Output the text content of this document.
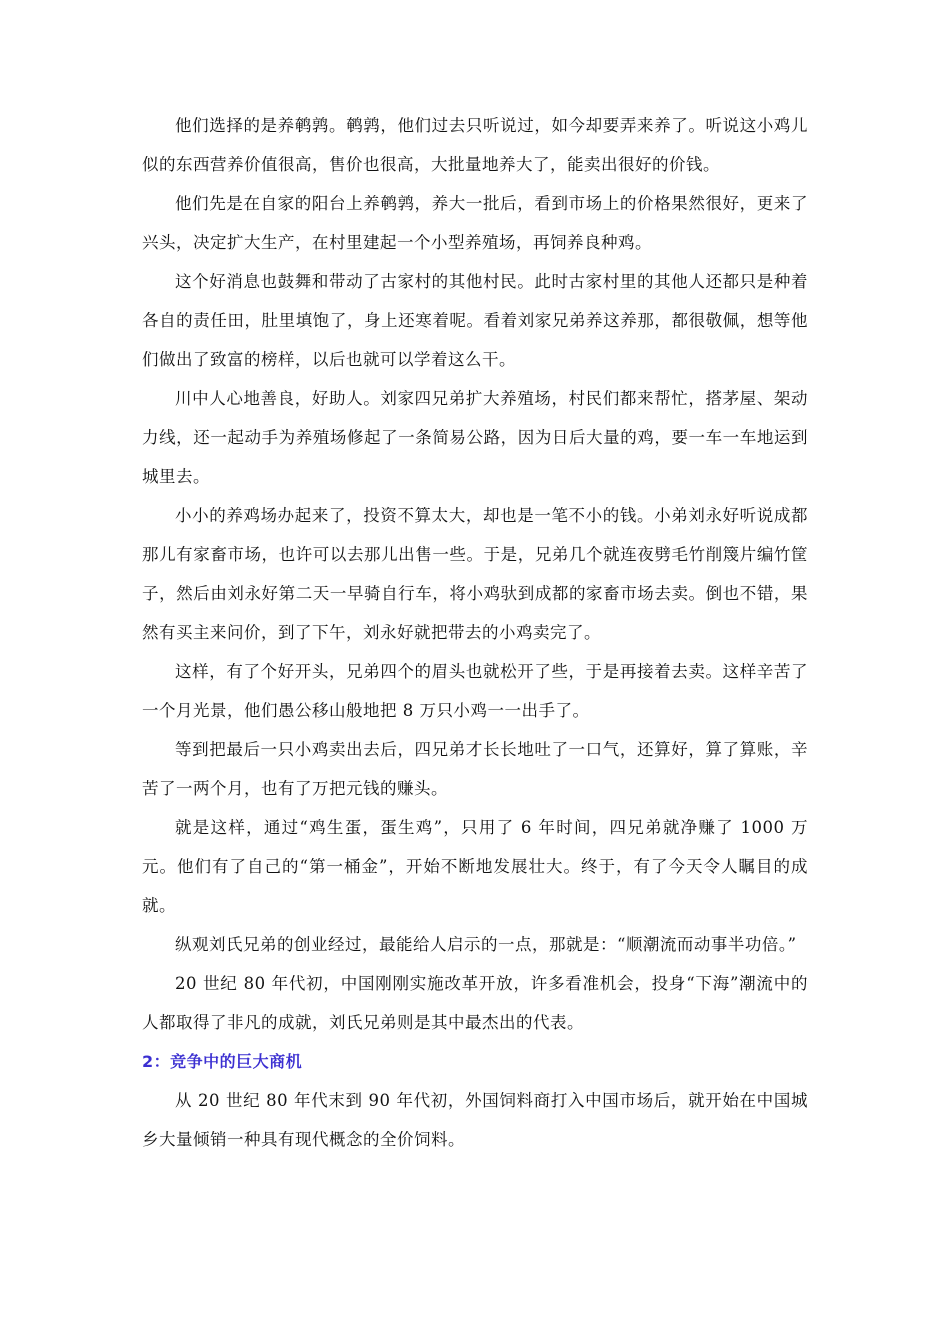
他们选择的是养鹌鹑。鹌鹑，他们过去只听说过，如今却要弄来养了。听说这小鸡儿似的东西营养价值很高，售价也很高，大批量地养大了，能卖出很好的价钱。

他们先是在自家的阳台上养鹌鹑，养大一批后，看到市场上的价格果然很好，更来了兴头，决定扩大生产，在村里建起一个小型养殖场，再饲养良种鸡。

这个好消息也鼓舞和带动了古家村的其他村民。此时古家村里的其他人还都只是种着各自的责任田，肚里填饱了，身上还寒着呢。看着刘家兄弟养这养那，都很敬佩，想等他们做出了致富的榜样，以后也就可以学着这么干。

川中人心地善良，好助人。刘家四兄弟扩大养殖场，村民们都来帮忙，搭茅屋、架动力线，还一起动手为养殖场修起了一条简易公路，因为日后大量的鸡，要一车一车地运到城里去。

小小的养鸡场办起来了，投资不算太大，却也是一笔不小的钱。小弟刘永好听说成都那儿有家畜市场，也许可以去那儿出售一些。于是，兄弟几个就连夜劈毛竹削篾片编竹筐子，然后由刘永好第二天一早骑自行车，将小鸡驮到成都的家畜市场去卖。倒也不错，果然有买主来问价，到了下午，刘永好就把带去的小鸡卖完了。

这样，有了个好开头，兄弟四个的眉头也就松开了些，于是再接着去卖。这样辛苦了一个月光景，他们愚公移山般地把 8 万只小鸡一一出手了。

等到把最后一只小鸡卖出去后，四兄弟才长长地吐了一口气，还算好，算了算账，辛苦了一两个月，也有了万把元钱的赚头。

就是这样，通过“鸡生蛋，蛋生鸡”，只用了 6 年时间，四兄弟就净赚了 1000 万元。他们有了自己的“第一桶金”，开始不断地发展壮大。终于，有了今天令人瞩目的成就。

纵观刘氏兄弟的创业经过，最能给人启示的一点，那就是：“顺潮流而动事半功倍。”

20 世纪 80 年代初，中国刚刚实施改革开放，许多看准机会，投身“下海”潮流中的人都取得了非凡的成就，刘氏兄弟则是其中最杰出的代表。

2：竞争中的巨大商机

从 20 世纪 80 年代末到 90 年代初，外国饲料商打入中国市场后，就开始在中国城乡大量倾销一种具有现代概念的全价饲料。
